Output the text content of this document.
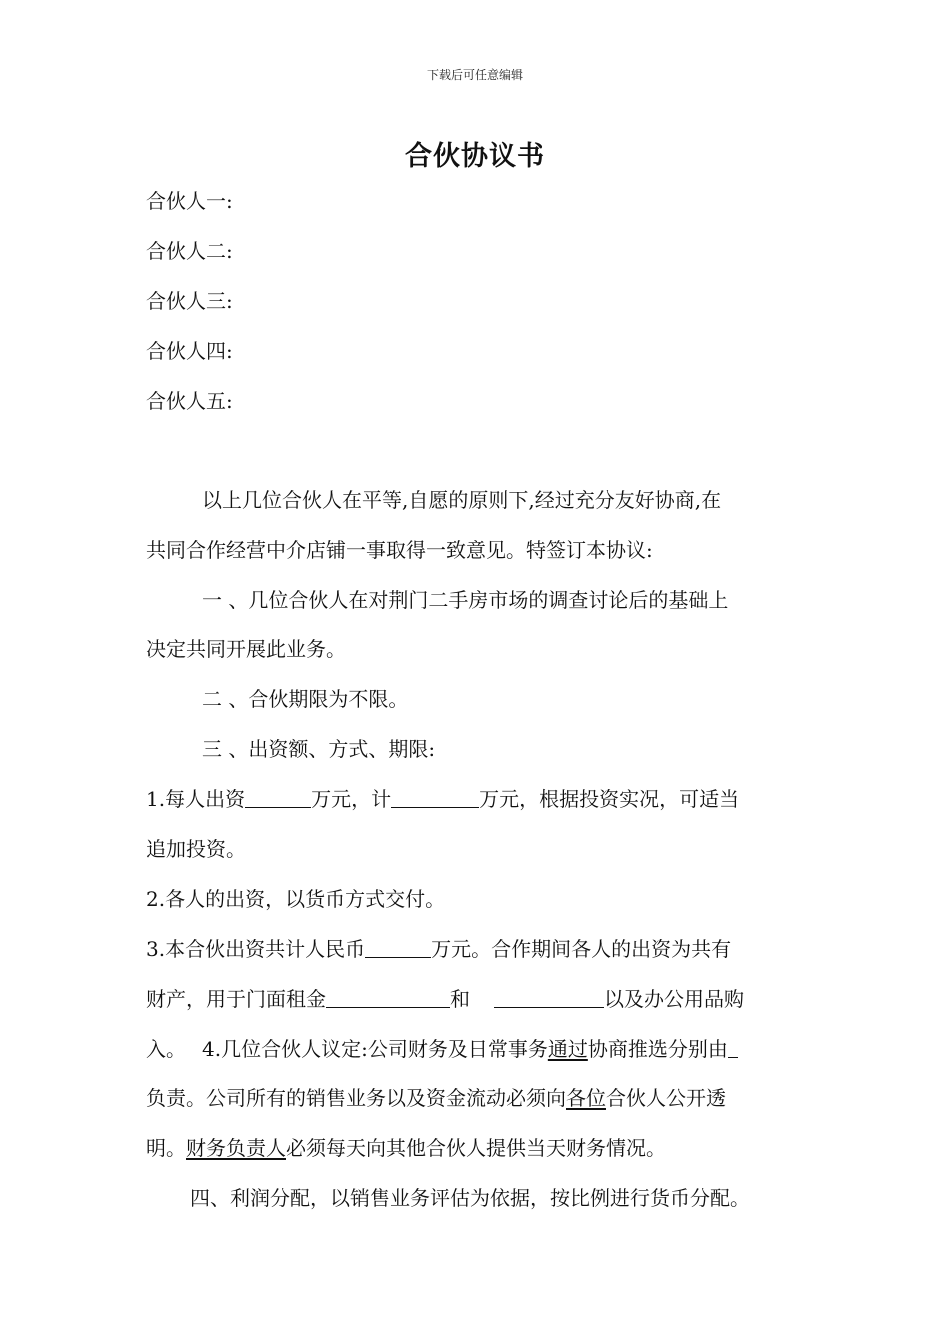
下载后可任意编辑
合伙协议书
合伙人一:
合伙人二:
合伙人三:
合伙人四:
合伙人五:
以上几位合伙人在平等,自愿的原则下,经过充分友好协商,在
共同合作经营中介店铺一事取得一致意见。特签订本协议:
一 、几位合伙人在对荆门二手房市场的调查讨论后的基础上
决定共同开展此业务。
二 、合伙期限为不限。
三 、出资额、方式、期限:
1.每人出资	万元，计	万元，根据投资实况，可适当
追加投资。
2.各人的出资，以货币方式交付。
3.本合伙出资共计人民币	万元。合作期间各人的出资为共有
财产，用于门面租金	和	以及办公用品购
入。 4.几位合伙人议定:公司财务及日常事务通过协商推选分别由
负责。公司所有的销售业务以及资金流动必须向各位合伙人公开透
明。财务负责人必须每天向其他合伙人提供当天财务情况。
四、利润分配，以销售业务评估为依据，按比例进行货币分配。
